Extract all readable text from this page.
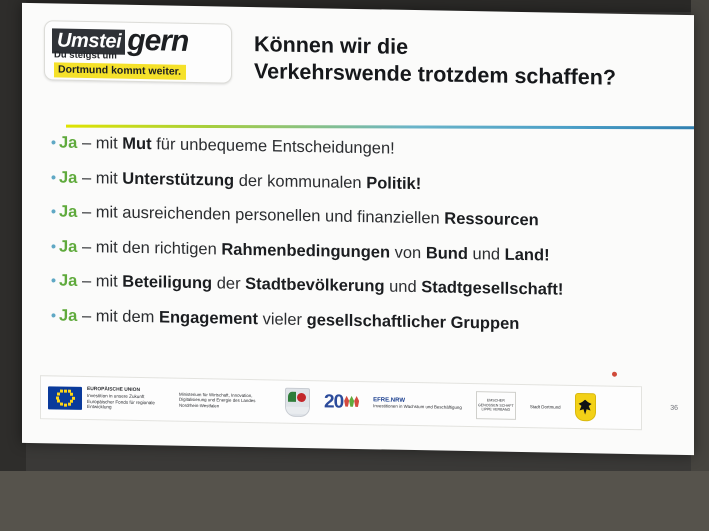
Umstei gern
Du steigst um
Dortmund kommt weiter.
Können wir die
Verkehrswende trotzdem schaffen?
• Ja – mit Mut für unbequeme Entscheidungen!
• Ja – mit Unterstützung der kommunalen Politik!
• Ja – mit ausreichenden personellen und finanziellen Ressourcen
• Ja – mit den richtigen Rahmenbedingungen von Bund und Land!
• Ja – mit Beteiligung der Stadtbevölkerung und Stadtgesellschaft!
• Ja – mit dem Engagement vieler gesellschaftlicher Gruppen
EUROPÄISCHE UNION
Investition in unsere Zukunft Europäischer Fonds für regionale Entwicklung
Ministerium für Wirtschaft, Innovation, Digitalisierung und Energie des Landes Nordrhein-Westfalen	20	EFRE.NRW
Investitionen in Wachstum und Beschäftigung
EMSCHER GENOSSEN SCHAFT LIPPE VERBAND
Stadt Dortmund	36
